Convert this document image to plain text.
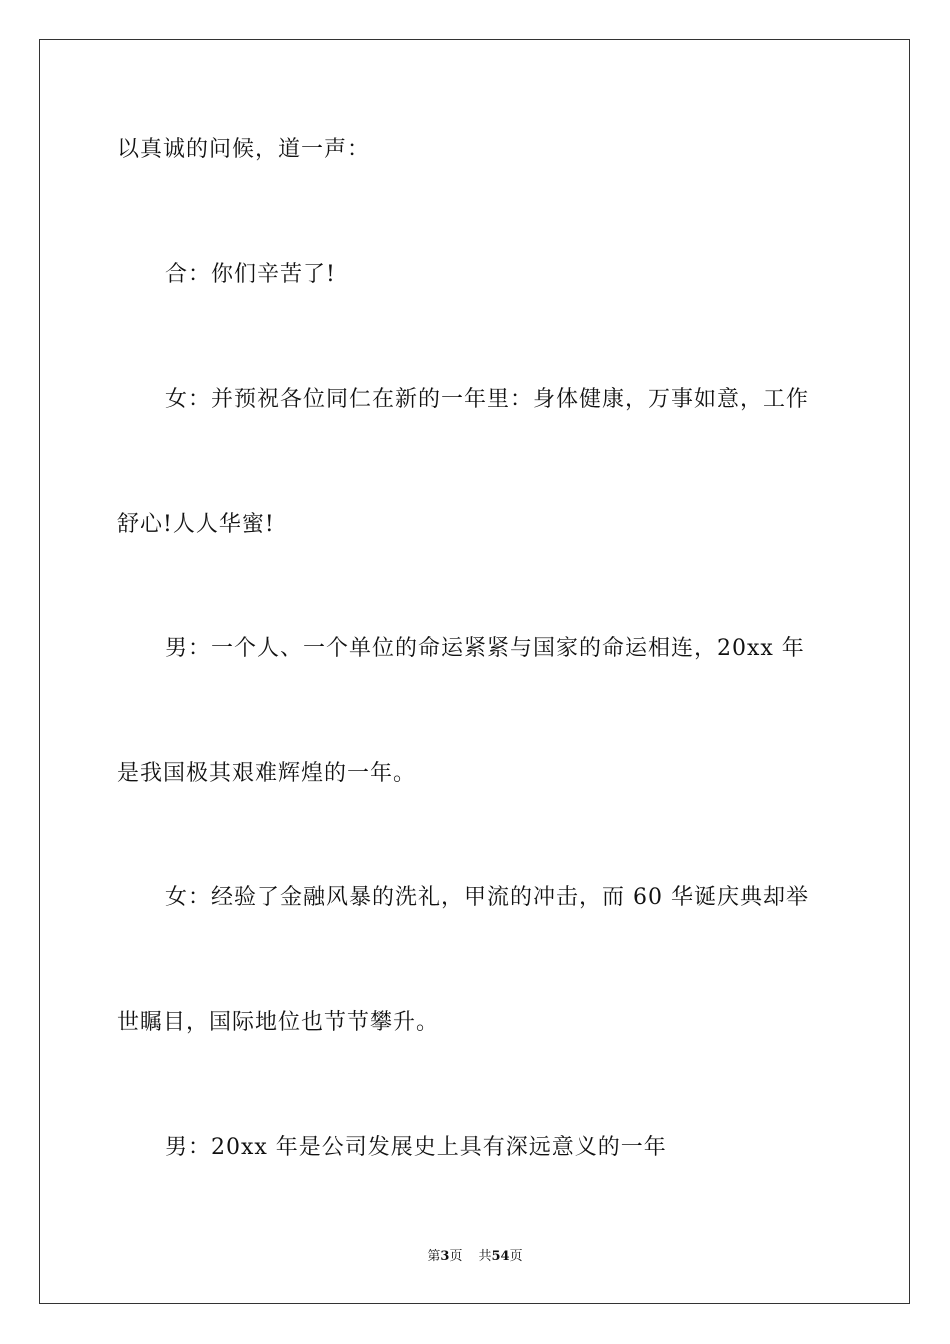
以真诚的问候，道一声：

合：你们辛苦了!

女：并预祝各位同仁在新的一年里：身体健康，万事如意，工作

舒心!人人华蜜!

男：一个人、一个单位的命运紧紧与国家的命运相连，20xx 年

是我国极其艰难辉煌的一年。

女：经验了金融风暴的洗礼，甲流的冲击，而 60 华诞庆典却举

世瞩目，国际地位也节节攀升。

男：20xx 年是公司发展史上具有深远意义的一年

第3页 共54页
